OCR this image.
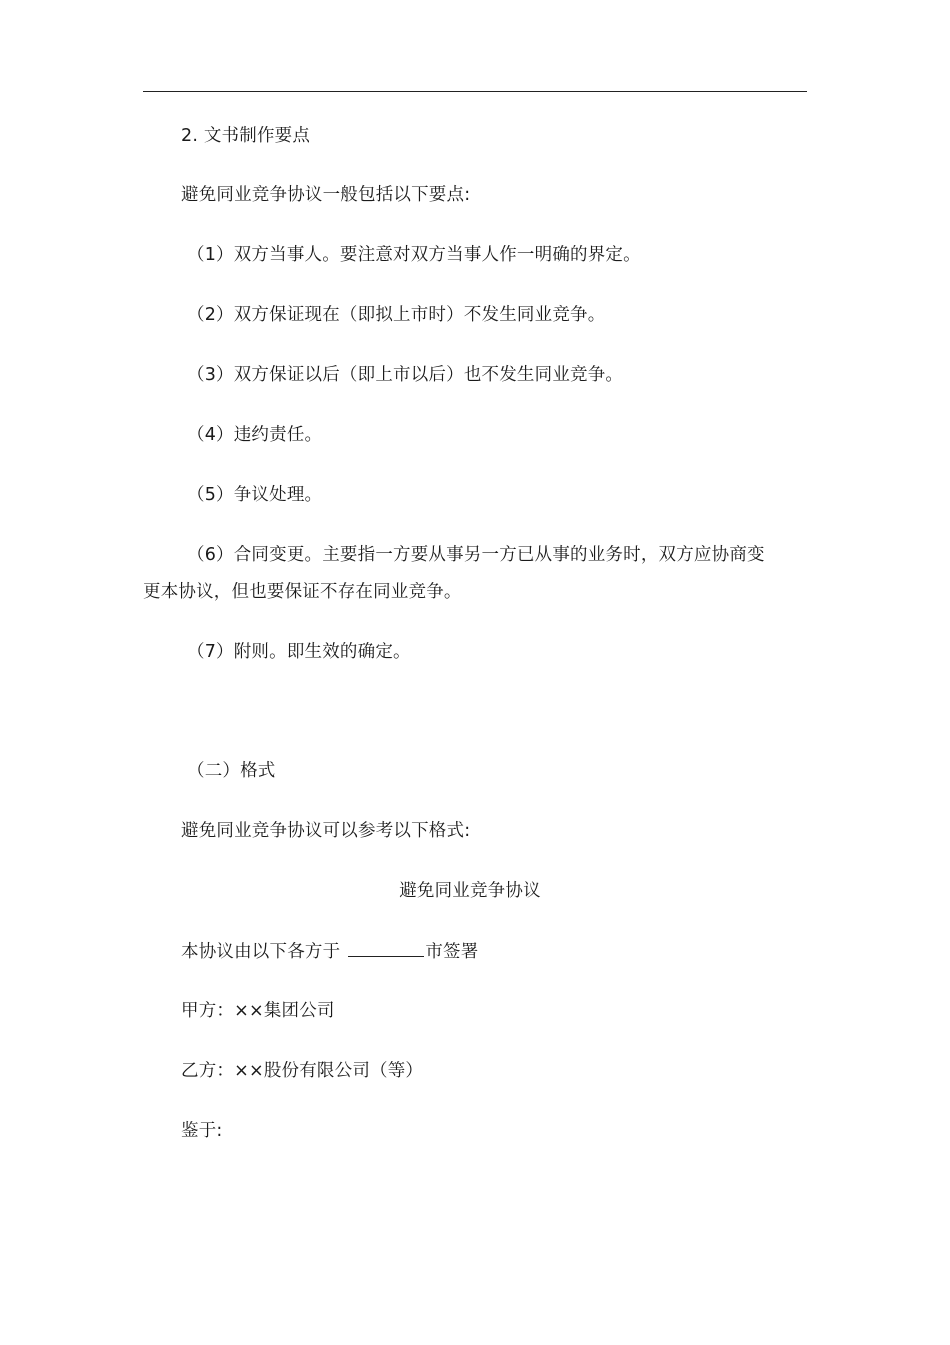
2. 文书制作要点
避免同业竞争协议一般包括以下要点:
（1）双方当事人。要注意对双方当事人作一明确的界定。
（2）双方保证现在（即拟上市时）不发生同业竞争。
（3）双方保证以后（即上市以后）也不发生同业竞争。
（4）违约责任。
（5）争议处理。
（6）合同变更。主要指一方要从事另一方已从事的业务时，双方应协商变
更本协议，但也要保证不存在同业竞争。
（7）附则。即生效的确定。
（二）格式
避免同业竞争协议可以参考以下格式:
避免同业竞争协议
本协议由以下各方于	市签署
甲方：××集团公司
乙方：××股份有限公司（等）
鉴于:
